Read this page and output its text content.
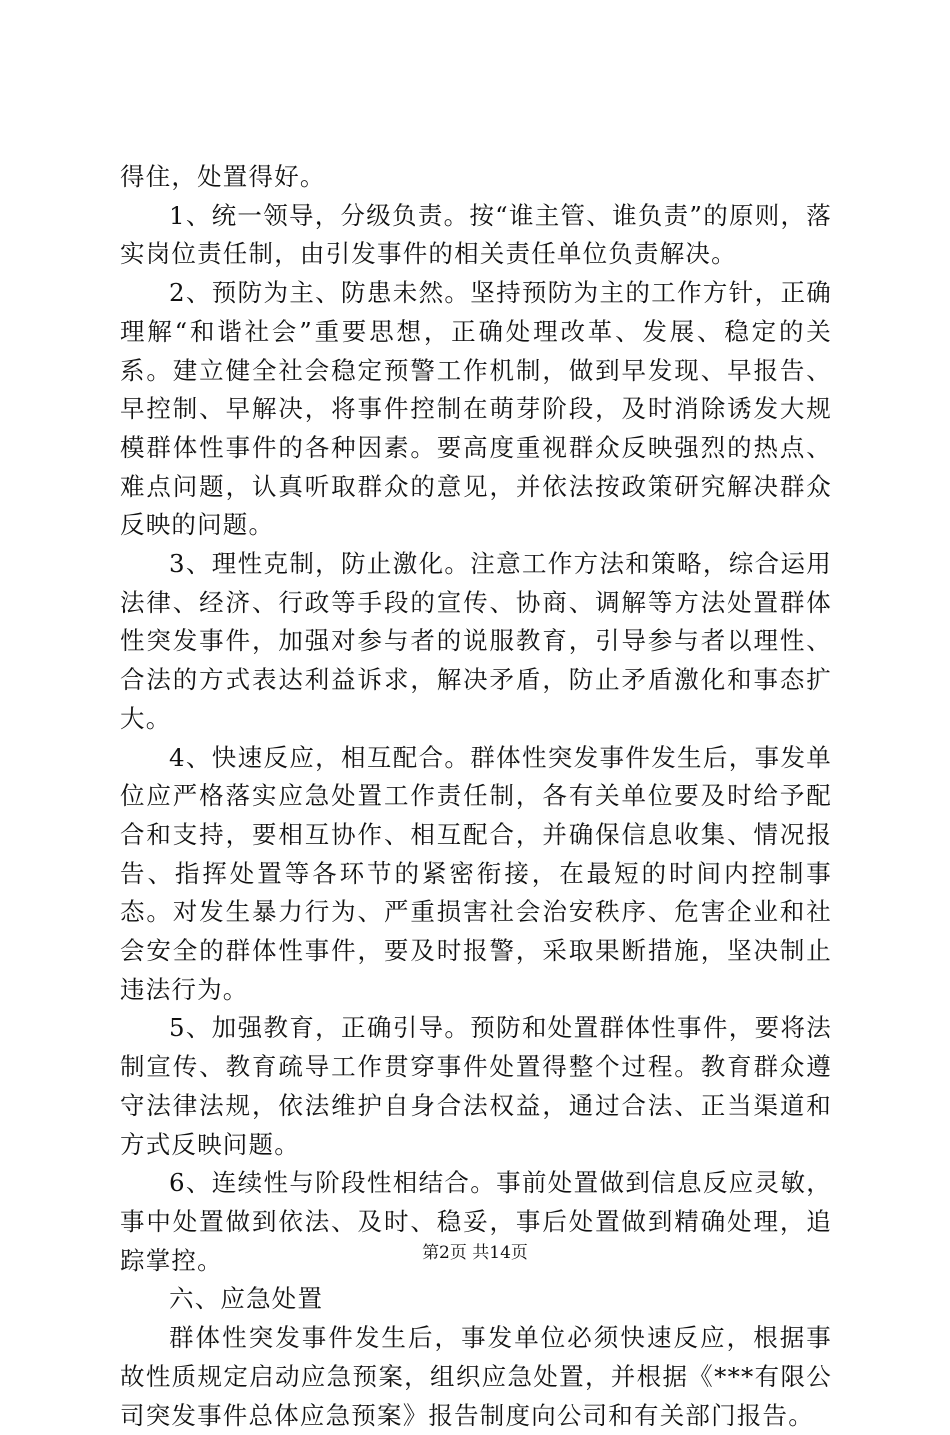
得住，处置得好。

1、统一领导，分级负责。按“谁主管、谁负责”的原则，落实岗位责任制，由引发事件的相关责任单位负责解决。

2、预防为主、防患未然。坚持预防为主的工作方针，正确理解“和谐社会”重要思想，正确处理改革、发展、稳定的关系。建立健全社会稳定预警工作机制，做到早发现、早报告、早控制、早解决，将事件控制在萌芽阶段，及时消除诱发大规模群体性事件的各种因素。要高度重视群众反映强烈的热点、难点问题，认真听取群众的意见，并依法按政策研究解决群众反映的问题。

3、理性克制，防止激化。注意工作方法和策略，综合运用法律、经济、行政等手段的宣传、协商、调解等方法处置群体性突发事件，加强对参与者的说服教育，引导参与者以理性、合法的方式表达利益诉求，解决矛盾，防止矛盾激化和事态扩大。

4、快速反应，相互配合。群体性突发事件发生后，事发单位应严格落实应急处置工作责任制，各有关单位要及时给予配合和支持，要相互协作、相互配合，并确保信息收集、情况报告、指挥处置等各环节的紧密衔接，在最短的时间内控制事态。对发生暴力行为、严重损害社会治安秩序、危害企业和社会安全的群体性事件，要及时报警，采取果断措施，坚决制止违法行为。

5、加强教育，正确引导。预防和处置群体性事件，要将法制宣传、教育疏导工作贯穿事件处置得整个过程。教育群众遵守法律法规，依法维护自身合法权益，通过合法、正当渠道和方式反映问题。

6、连续性与阶段性相结合。事前处置做到信息反应灵敏，事中处置做到依法、及时、稳妥，事后处置做到精确处理，追踪掌控。

六、应急处置

群体性突发事件发生后，事发单位必须快速反应，根据事故性质规定启动应急预案，组织应急处置，并根据《***有限公司突发事件总体应急预案》报告制度向公司和有关部门报告。

第2页 共14页
